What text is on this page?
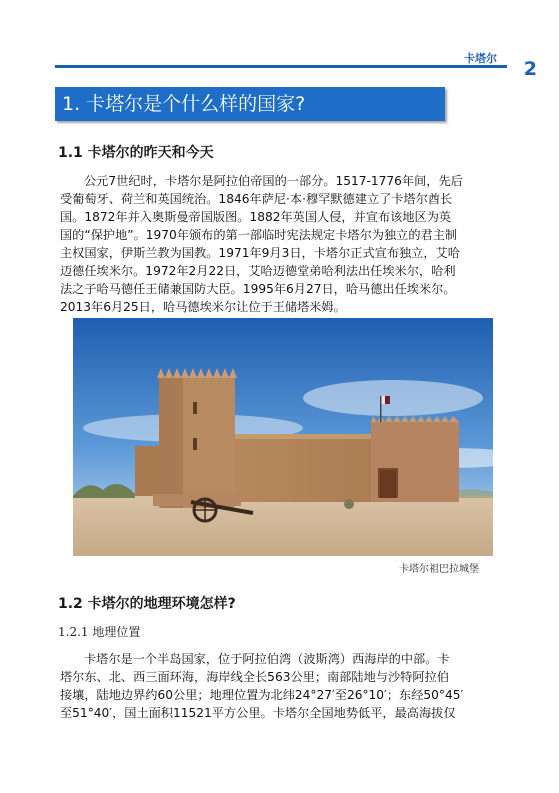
卡塔尔 2
1. 卡塔尔是个什么样的国家?
1.1 卡塔尔的昨天和今天
公元7世纪时，卡塔尔是阿拉伯帝国的一部分。1517-1776年间，先后
受葡萄牙、荷兰和英国统治。1846年萨尼·本·穆罕默德建立了卡塔尔酋长
国。1872年并入奥斯曼帝国版图。1882年英国人侵，并宣布该地区为英
国的“保护地”。1970年颁布的第一部临时宪法规定卡塔尔为独立的君主制
主权国家，伊斯兰教为国教。1971年9月3日，卡塔尔正式宣布独立，艾哈
迈德任埃米尔。1972年2月22日，艾哈迈德堂弟哈利法出任埃米尔，哈利
法之子哈马德任王储兼国防大臣。1995年6月27日，哈马德出任埃米尔。
2013年6月25日，哈马德埃米尔让位于王储塔米姆。
卡塔尔祖巴拉城堡
1.2 卡塔尔的地理环境怎样?
1.2.1 地理位置
卡塔尔是一个半岛国家，位于阿拉伯湾（波斯湾）西海岸的中部。卡
塔尔东、北、西三面环海，海岸线全长563公里；南部陆地与沙特阿拉伯
接壤，陆地边界约60公里；地理位置为北纬24°27′至26°10′；东经50°45′
至51°40′，国土面积11521平方公里。卡塔尔全国地势低平，最高海拔仅
